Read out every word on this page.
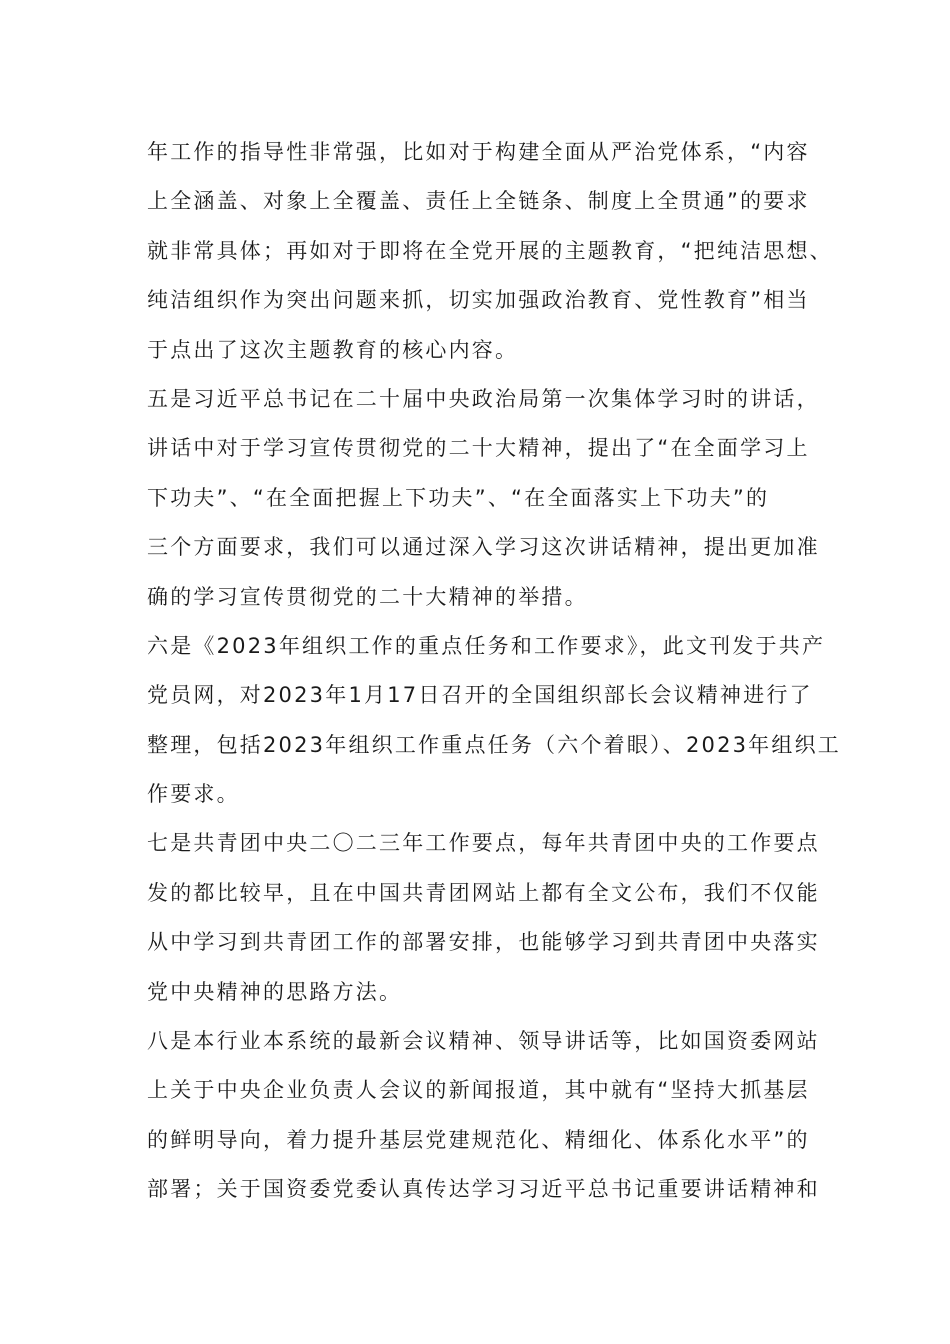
年工作的指导性非常强，比如对于构建全面从严治党体系，“内容
上全涵盖、对象上全覆盖、责任上全链条、制度上全贯通”的要求
就非常具体；再如对于即将在全党开展的主题教育，“把纯洁思想、
纯洁组织作为突出问题来抓，切实加强政治教育、党性教育”相当
于点出了这次主题教育的核心内容。
五是习近平总书记在二十届中央政治局第一次集体学习时的讲话，
讲话中对于学习宣传贯彻党的二十大精神，提出了“在全面学习上
下功夫”、“在全面把握上下功夫”、“在全面落实上下功夫”的
三个方面要求，我们可以通过深入学习这次讲话精神，提出更加准
确的学习宣传贯彻党的二十大精神的举措。
六是《2023年组织工作的重点任务和工作要求》，此文刊发于共产
党员网，对2023年1月17日召开的全国组织部长会议精神进行了
整理，包括2023年组织工作重点任务（六个着眼）、2023年组织工
作要求。
七是共青团中央二〇二三年工作要点，每年共青团中央的工作要点
发的都比较早，且在中国共青团网站上都有全文公布，我们不仅能
从中学习到共青团工作的部署安排，也能够学习到共青团中央落实
党中央精神的思路方法。
八是本行业本系统的最新会议精神、领导讲话等，比如国资委网站
上关于中央企业负责人会议的新闻报道，其中就有“坚持大抓基层
的鲜明导向，着力提升基层党建规范化、精细化、体系化水平”的
部署；关于国资委党委认真传达学习习近平总书记重要讲话精神和
